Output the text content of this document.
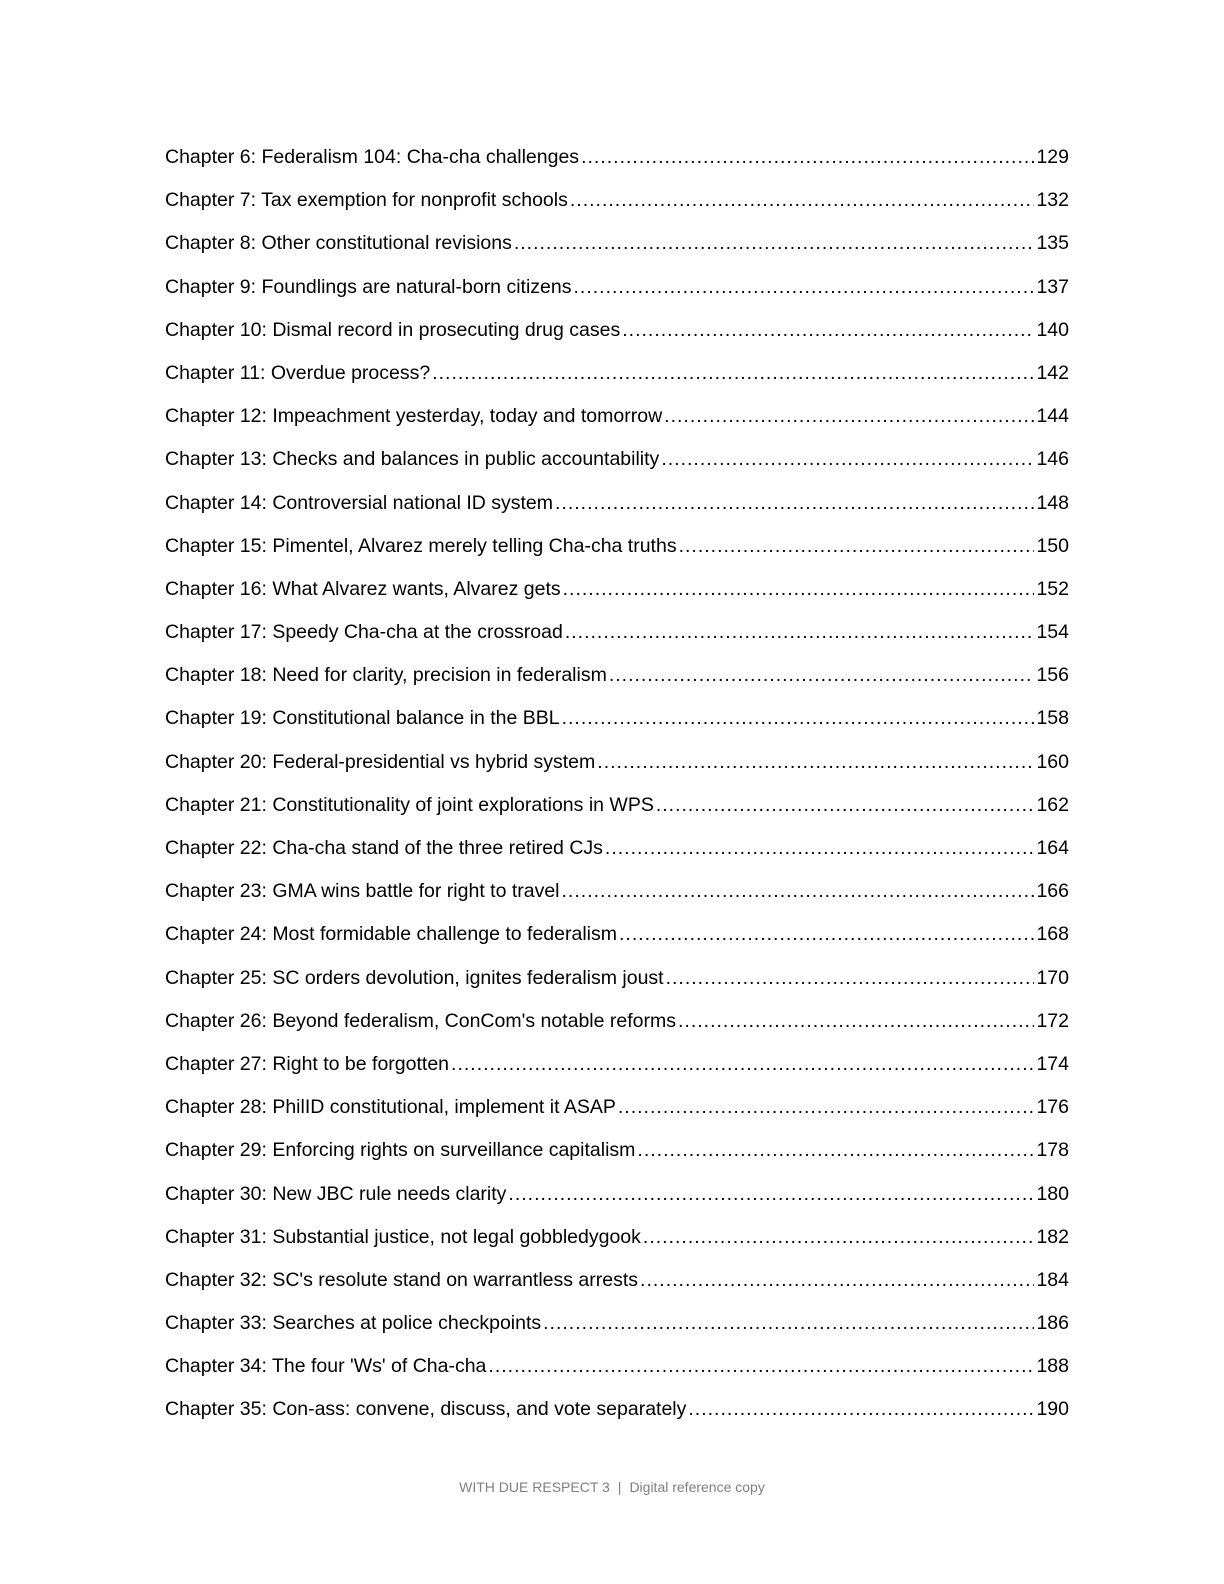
Chapter 6: Federalism 104: Cha-cha challenges .....	129
Chapter 7: Tax exemption for nonprofit schools .....	132
Chapter 8: Other constitutional revisions .....	135
Chapter 9: Foundlings are natural-born citizens .....	137
Chapter 10: Dismal record in prosecuting drug cases .....	140
Chapter 11: Overdue process? .....	142
Chapter 12: Impeachment yesterday, today and tomorrow .....	144
Chapter 13: Checks and balances in public accountability .....	146
Chapter 14: Controversial national ID system .....	148
Chapter 15: Pimentel, Alvarez merely telling Cha-cha truths .....	150
Chapter 16: What Alvarez wants, Alvarez gets .....	152
Chapter 17: Speedy Cha-cha at the crossroad .....	154
Chapter 18: Need for clarity, precision in federalism .....	156
Chapter 19: Constitutional balance in the BBL .....	158
Chapter 20: Federal-presidential vs hybrid system .....	160
Chapter 21: Constitutionality of joint explorations in WPS .....	162
Chapter 22: Cha-cha stand of the three retired CJs .....	164
Chapter 23: GMA wins battle for right to travel .....	166
Chapter 24: Most formidable challenge to federalism .....	168
Chapter 25: SC orders devolution, ignites federalism joust .....	170
Chapter 26: Beyond federalism, ConCom's notable reforms .....	172
Chapter 27: Right to be forgotten .....	174
Chapter 28: PhilID constitutional, implement it ASAP .....	176
Chapter 29: Enforcing rights on surveillance capitalism .....	178
Chapter 30: New JBC rule needs clarity .....	180
Chapter 31: Substantial justice, not legal gobbledygook .....	182
Chapter 32: SC's resolute stand on warrantless arrests .....	184
Chapter 33: Searches at police checkpoints .....	186
Chapter 34: The four 'Ws' of Cha-cha .....	188
Chapter 35: Con-ass: convene, discuss, and vote separately .....	190
WITH DUE RESPECT 3 | Digital reference copy
